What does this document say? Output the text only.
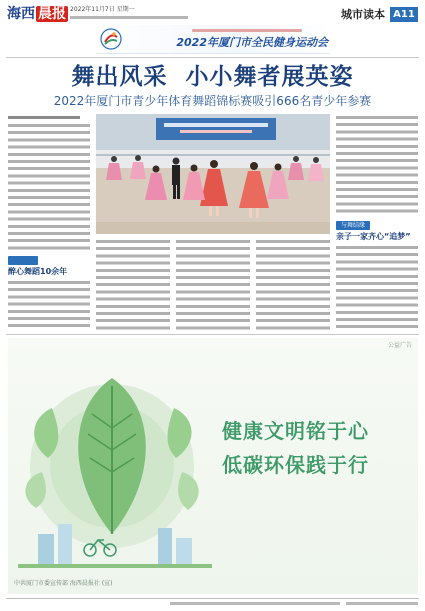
海西 晨报 2022年11月7日 星期一	城市读本 A11
2022年厦门市全民健身运动会
舞出风采  小小舞者展英姿
2022年厦门市青少年体育舞蹈锦标赛吸引666名青少年参赛
醉心舞蹈10余年
与舞结缘
亲子一家齐心“追梦”
公益广告
健康文明铭于心
低碳环保践于行
中共厦门市委宣传部 海西晨报社 (宣)
